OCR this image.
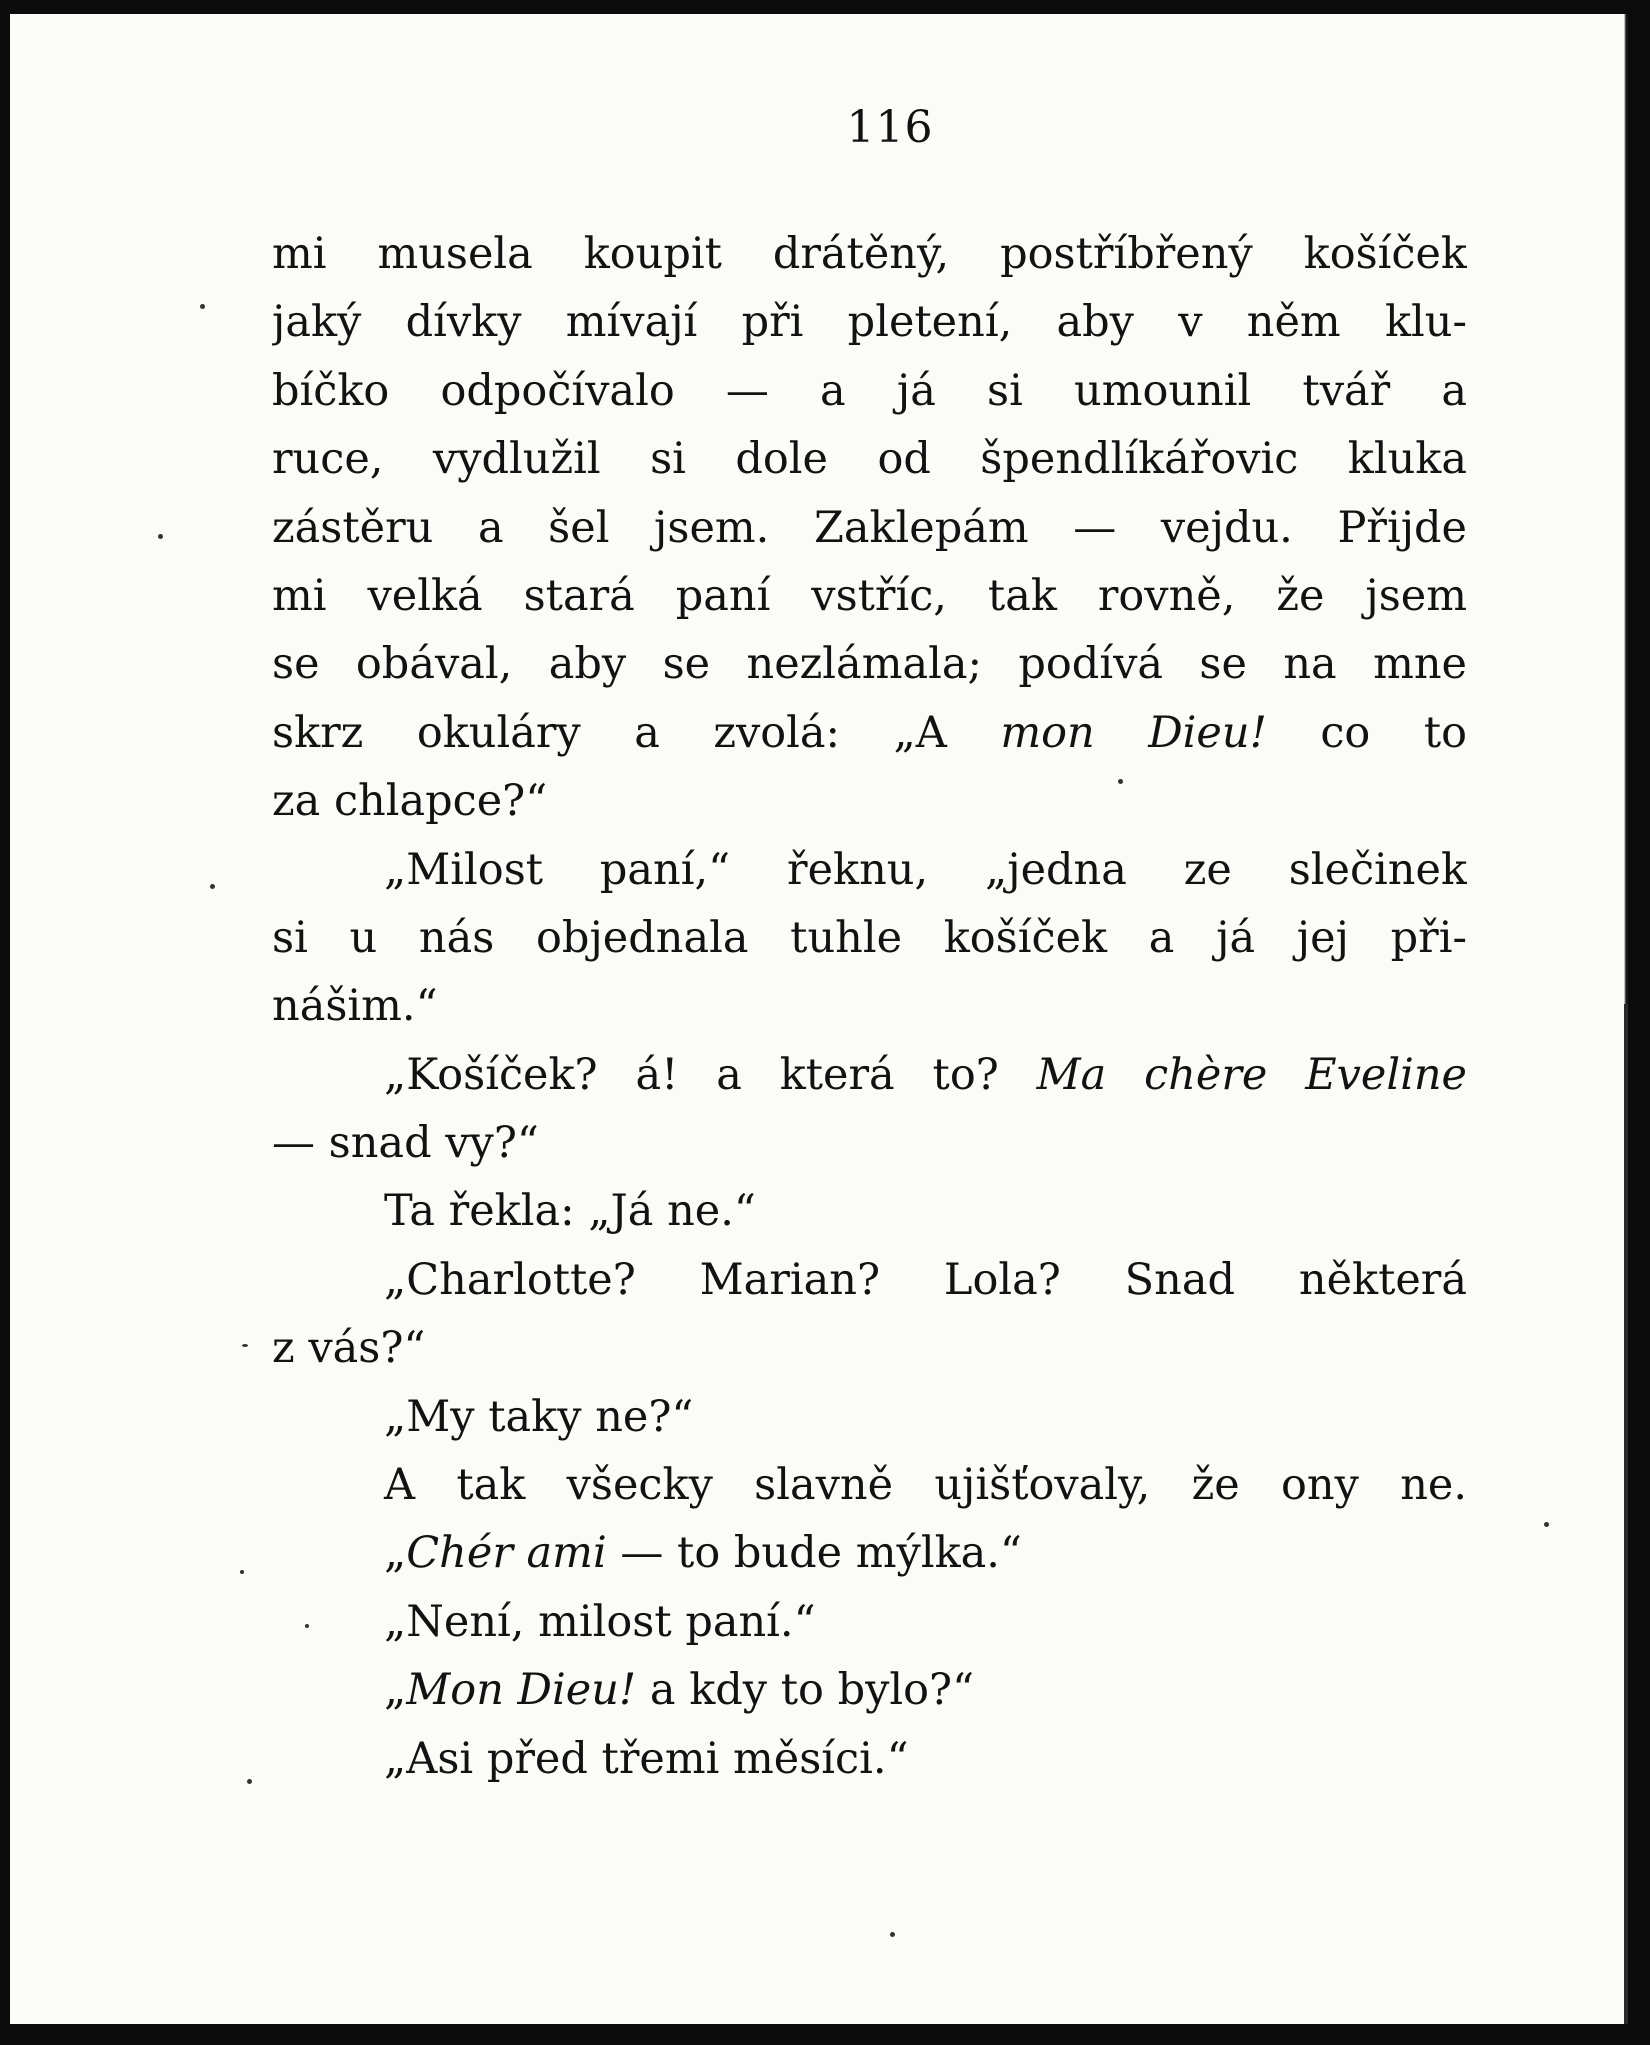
116
mi musela koupit drátěný, postříbřený košíček
jaký dívky mívají při pletení, aby v něm klu-
bíčko odpočívalo — a já si umounil tvář a
ruce, vydlužil si dole od špendlíkářovic kluka
zástěru a šel jsem. Zaklepám — vejdu. Přijde
mi velká stará paní vstříc, tak rovně, že jsem
se obával, aby se nezlámala; podívá se na mne
skrz okuláry a zvolá: „A mon Dieu! co to
za chlapce?“
„Milost paní,“ řeknu, „jedna ze slečinek
si u nás objednala tuhle košíček a já jej při-
nášim.“
„Košíček? á! a která to? Ma chère Eveline
— snad vy?“
Ta řekla: „Já ne.“
„Charlotte? Marian? Lola? Snad některá
z vás?“
„My taky ne?“
A tak všecky slavně ujišťovaly, že ony ne.
„Chér ami — to bude mýlka.“
„Není, milost paní.“
„Mon Dieu! a kdy to bylo?“
„Asi před třemi měsíci.“
